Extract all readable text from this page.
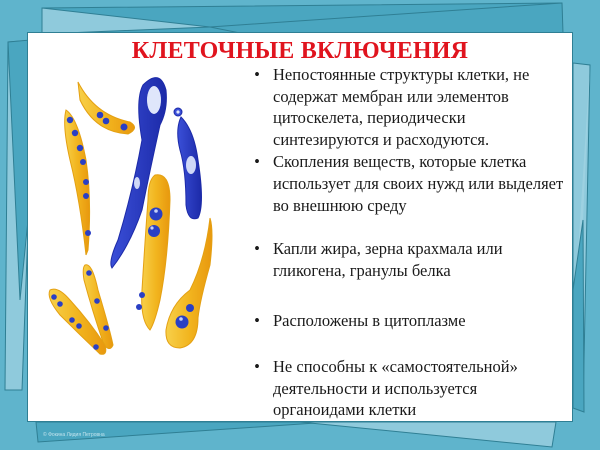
КЛЕТОЧНЫЕ ВКЛЮЧЕНИЯ
• Непостоянные структуры клетки, не содержат мембран или элементов цитоскелета, периодически синтезируются и расходуются.
• Скопления веществ, которые клетка использует для своих нужд или выделяет во внешнюю среду
• Капли жира, зерна крахмала или гликогена, гранулы белка
• Расположены в цитоплазме
• Не способны к «самостоятельной» деятельности и используется органоидами клетки
© Фокина Лидия Петровна
